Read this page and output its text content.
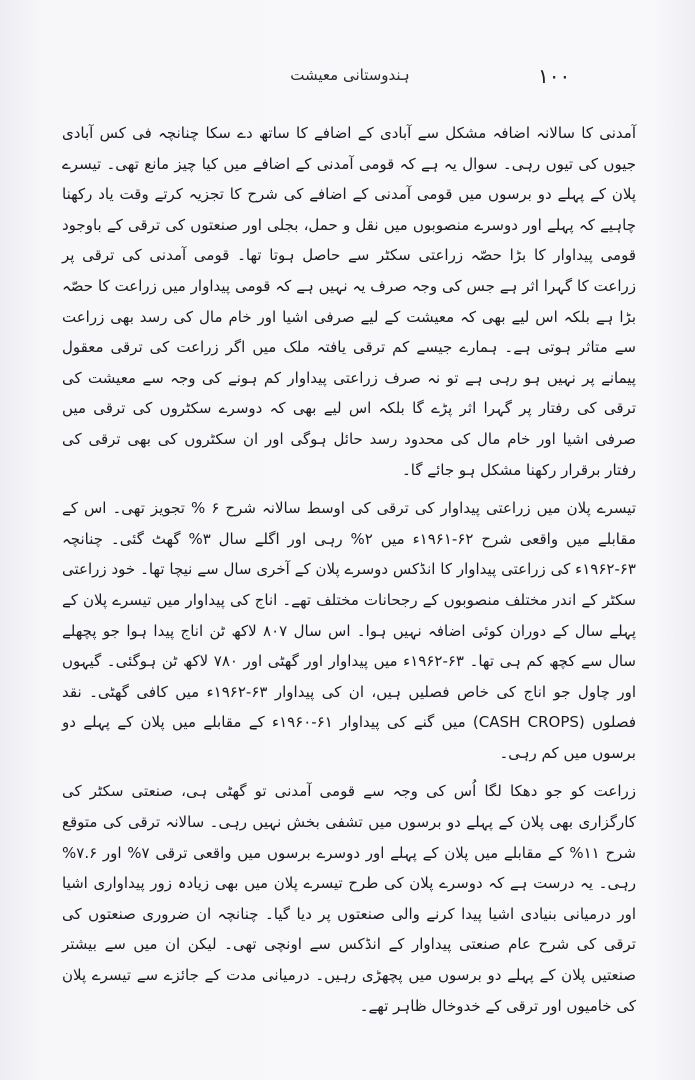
ہندوستانی معیشت	۱۰۰

آمدنی کا سالانہ اضافہ مشکل سے آبادی کے اضافے کا ساتھ دے سکا چنانچہ فی کس آبادی جیوں کی تیوں رہی۔ سوال یہ ہے کہ قومی آمدنی کے اضافے میں کیا چیز مانع تھی۔ تیسرے پلان کے پہلے دو برسوں میں قومی آمدنی کے اضافے کی شرح کا تجزیہ کرتے وقت یاد رکھنا چاہیے کہ پہلے اور دوسرے منصوبوں میں نقل و حمل، بجلی اور صنعتوں کی ترقی کے باوجود قومی پیداوار کا بڑا حصّہ زراعتی سکٹر سے حاصل ہوتا تھا۔ قومی آمدنی کی ترقی پر زراعت کا گہرا اثر ہے جس کی وجہ صرف یہ نہیں ہے کہ قومی پیداوار میں زراعت کا حصّہ بڑا ہے بلکہ اس لیے بھی کہ معیشت کے لیے صرفی اشیا اور خام مال کی رسد بھی زراعت سے متاثر ہوتی ہے۔ ہمارے جیسے کم ترقی یافتہ ملک میں اگر زراعت کی ترقی معقول پیمانے پر نہیں ہو رہی ہے تو نہ صرف زراعتی پیداوار کم ہونے کی وجہ سے معیشت کی ترقی کی رفتار پر گہرا اثر پڑے گا بلکہ اس لیے بھی کہ دوسرے سکٹروں کی ترقی میں صرفی اشیا اور خام مال کی محدود رسد حائل ہوگی اور ان سکٹروں کی بھی ترقی کی رفتار برقرار رکھنا مشکل ہو جائے گا۔

تیسرے پلان میں زراعتی پیداوار کی ترقی کی اوسط سالانہ شرح ۶ % تجویز تھی۔ اس کے مقابلے میں واقعی شرح ۶۲-۱۹۶۱ء میں ۲% رہی اور اگلے سال ۳% گھٹ گئی۔ چنانچہ ۶۳-۱۹۶۲ء کی زراعتی پیداوار کا انڈکس دوسرے پلان کے آخری سال سے نیچا تھا۔ خود زراعتی سکٹر کے اندر مختلف منصوبوں کے رجحانات مختلف تھے۔ اناج کی پیداوار میں تیسرے پلان کے پہلے سال کے دوران کوئی اضافہ نہیں ہوا۔ اس سال ۸۰۷ لاکھ ٹن اناج پیدا ہوا جو پچھلے سال سے کچھ کم ہی تھا۔ ۶۳-۱۹۶۲ء میں پیداوار اور گھٹی اور ۷۸۰ لاکھ ٹن ہوگئی۔ گیہوں اور چاول جو اناج کی خاص فصلیں ہیں، ان کی پیداوار ۶۳-۱۹۶۲ء میں کافی گھٹی۔ نقد فصلوں (CASH CROPS) میں گنے کی پیداوار ۶۱-۱۹۶۰ء کے مقابلے میں پلان کے پہلے دو برسوں میں کم رہی۔

زراعت کو جو دھکا لگا اُس کی وجہ سے قومی آمدنی تو گھٹی ہی، صنعتی سکٹر کی کارگزاری بھی پلان کے پہلے دو برسوں میں تشفی بخش نہیں رہی۔ سالانہ ترقی کی متوقع شرح ۱۱% کے مقابلے میں پلان کے پہلے اور دوسرے برسوں میں واقعی ترقی ۷% اور ۷.۶% رہی۔ یہ درست ہے کہ دوسرے پلان کی طرح تیسرے پلان میں بھی زیادہ زور پیداواری اشیا اور درمیانی بنیادی اشیا پیدا کرنے والی صنعتوں پر دیا گیا۔ چنانچہ ان ضروری صنعتوں کی ترقی کی شرح عام صنعتی پیداوار کے انڈکس سے اونچی تھی۔ لیکن ان میں سے بیشتر صنعتیں پلان کے پہلے دو برسوں میں پچھڑی رہیں۔ درمیانی مدت کے جائزے سے تیسرے پلان کی خامیوں اور ترقی کے خدوخال ظاہر تھے۔
